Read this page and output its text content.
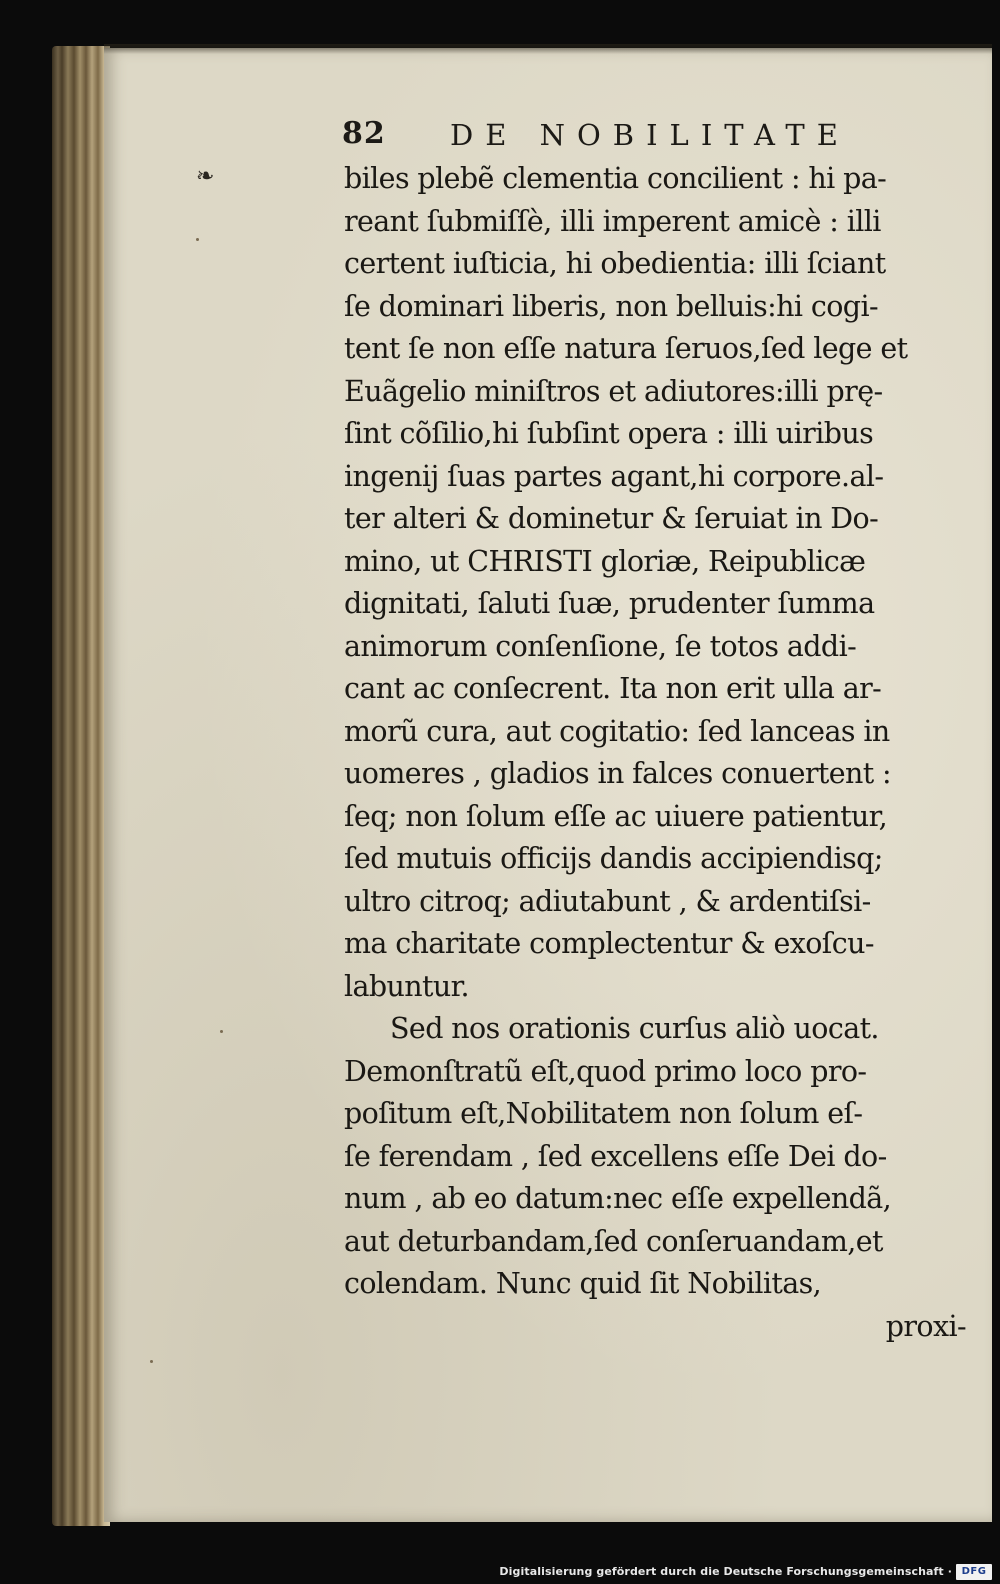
82 DE NOBILITATE
❧	biles plebẽ clementia concilient : hi pa-
reant ſubmiſſè, illi imperent amicè : illi
certent iuſticia, hi obedientia: illi ſciant
ſe dominari liberis, non belluis:hi cogi-
tent ſe non eſſe natura ſeruos,ſed lege et
Euãgelio miniſtros et adiutores:illi prę-
ſint cõſilio,hi ſubſint opera : illi uiribus
ingenij ſuas partes agant,hi corpore.al-
ter alteri & dominetur & ſeruiat in Do-
mino, ut CHRISTI gloriæ, Reipublicæ
dignitati, ſaluti ſuæ, prudenter ſumma
animorum conſenſione, ſe totos addi-
cant ac conſecrent. Ita non erit ulla ar-
morũ cura, aut cogitatio: ſed lanceas in
uomeres , gladios in falces conuertent :
ſeq; non ſolum eſſe ac uiuere patientur,
ſed mutuis officijs dandis accipiendisq;
ultro citroq; adiutabunt , & ardentiſsi-
ma charitate complectentur & exoſcu-
labuntur.
Sed nos orationis curſus aliò uocat.
Demonſtratũ eſt,quod primo loco pro-
poſitum eſt,Nobilitatem non ſolum eſ-
ſe ferendam , ſed excellens eſſe Dei do-
num , ab eo datum:nec eſſe expellendã,
aut deturbandam,ſed conſeruandam,et
colendam. Nunc quid ſit Nobilitas,
proxi-
Digitalisierung gefördert durch die Deutsche Forschungsgemeinschaft · DFG
